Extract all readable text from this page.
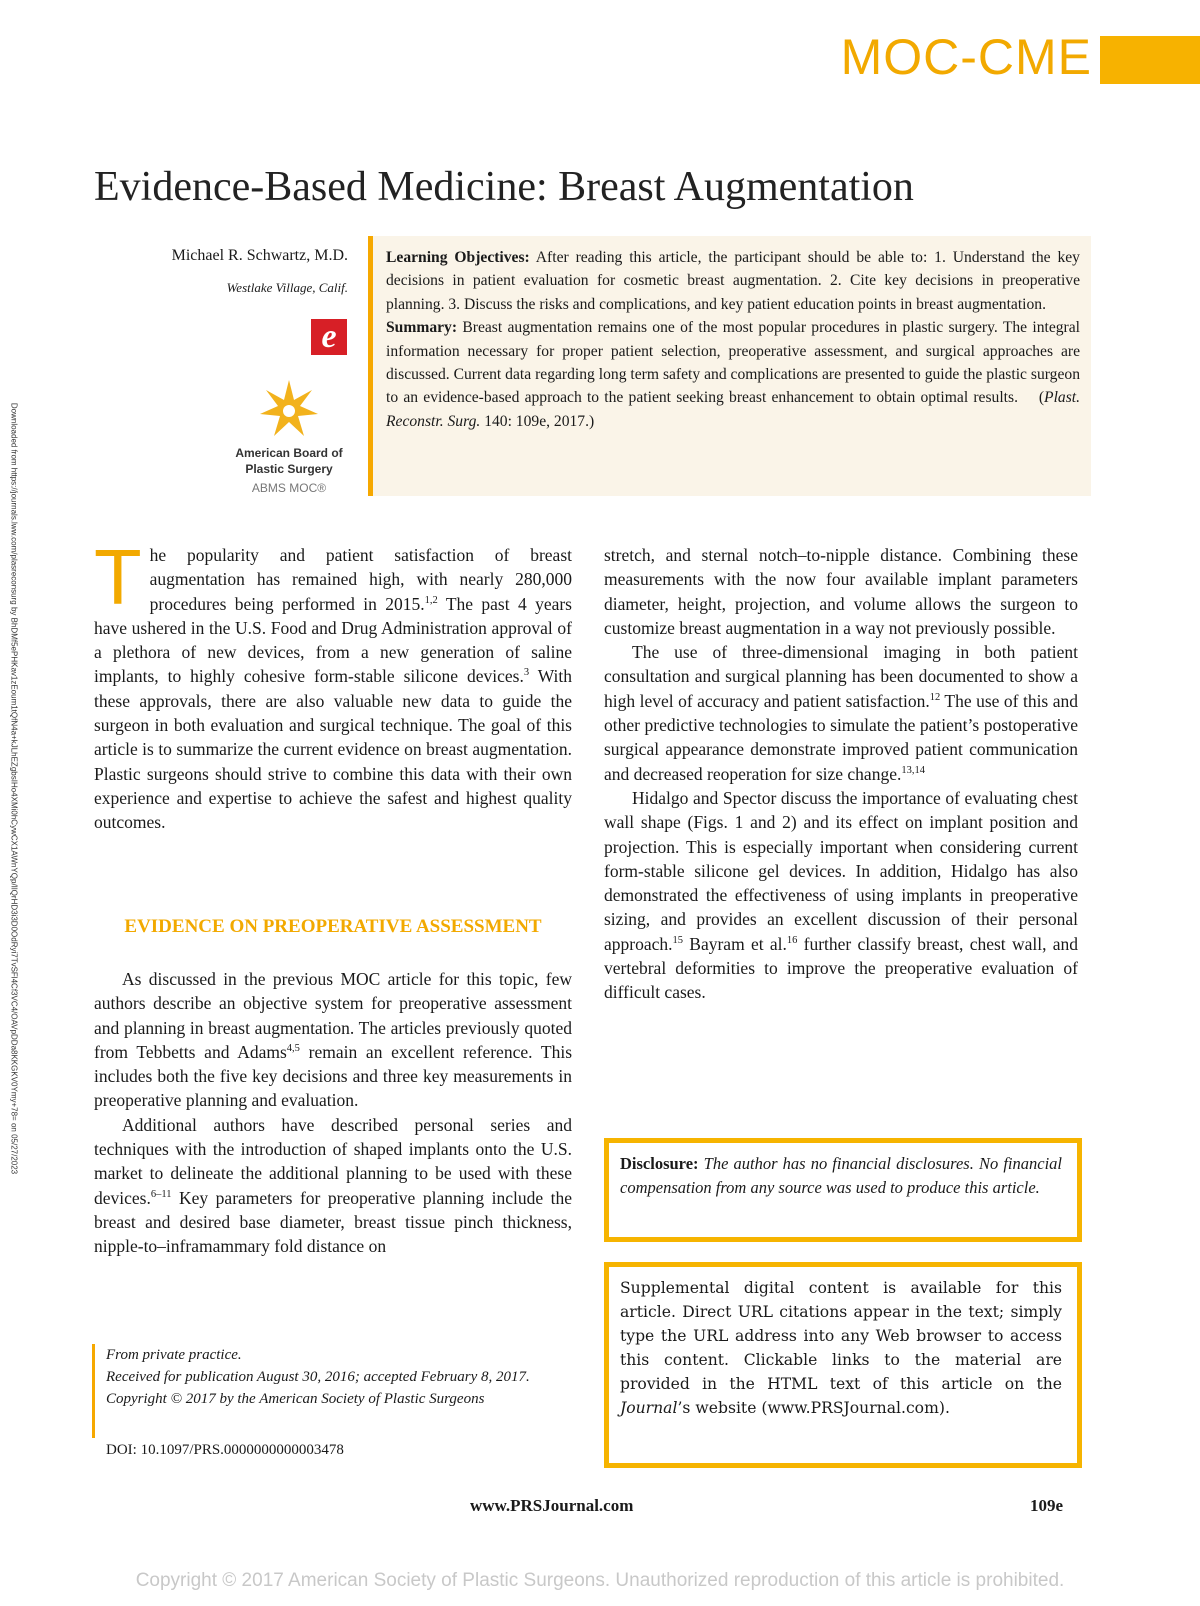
MOC-CME
Evidence-Based Medicine: Breast Augmentation
Michael R. Schwartz, M.D.
Westlake Village, Calif.
e
American Board of
Plastic Surgery
ABMS MOC®
Downloaded from https://journals.lww.com/plasreconsurg by BhDMf5ePHKav1zEoum1tQfN4a+kJLhEZgbsIHo4XMi0hCywCX1AWnYQp/IlQrHD3i3D0OdRyi7TvSFl4Cf3VC4/OAVpDDa8KKGKV0Ymy+78= on 05/27/2023
Learning Objectives: After reading this article, the participant should be able to: 1. Understand the key decisions in patient evaluation for cosmetic breast augmentation. 2. Cite key decisions in preoperative planning. 3. Discuss the risks and complications, and key patient education points in breast augmentation.
Summary: Breast augmentation remains one of the most popular procedures in plastic surgery. The integral information necessary for proper patient selection, preoperative assessment, and surgical approaches are discussed. Current data regarding long term safety and complications are presented to guide the plastic surgeon to an evidence-based approach to the patient seeking breast enhancement to obtain optimal results. (Plast. Reconstr. Surg. 140: 109e, 2017.)

The popularity and patient satisfaction of breast augmentation has remained high, with nearly 280,000 procedures being performed in 2015.$^{1,2}$ The past 4 years have ushered in the U.S. Food and Drug Administration approval of a plethora of new devices, from a new generation of saline implants, to highly cohesive form-stable silicone devices.$^3$ With these approvals, there are also valuable new data to guide the surgeon in both evaluation and surgical technique. The goal of this article is to summarize the current evidence on breast augmentation. Plastic surgeons should strive to combine this data with their own experience and expertise to achieve the safest and highest quality outcomes.

EVIDENCE ON PREOPERATIVE ASSESSMENT

As discussed in the previous MOC article for this topic, few authors describe an objective system for preoperative assessment and planning in breast augmentation. The articles previously quoted from Tebbetts and Adams$^{4,5}$ remain an excellent reference. This includes both the five key decisions and three key measurements in preoperative planning and evaluation.

Additional authors have described personal series and techniques with the introduction of shaped implants onto the U.S. market to delineate the additional planning to be used with these devices.$^{6-11}$ Key parameters for preoperative planning include the breast and desired base diameter, breast tissue pinch thickness, nipple-to–inframammary fold distance on

stretch, and sternal notch–to-nipple distance. Combining these measurements with the now four available implant parameters diameter, height, projection, and volume allows the surgeon to customize breast augmentation in a way not previously possible.

The use of three-dimensional imaging in both patient consultation and surgical planning has been documented to show a high level of accuracy and patient satisfaction.$^{12}$ The use of this and other predictive technologies to simulate the patient’s postoperative surgical appearance demonstrate improved patient communication and decreased reoperation for size change.$^{13,14}$

Hidalgo and Spector discuss the importance of evaluating chest wall shape (Figs. 1 and 2) and its effect on implant position and projection. This is especially important when considering current form-stable silicone gel devices. In addition, Hidalgo has also demonstrated the effectiveness of using implants in preoperative sizing, and provides an excellent discussion of their personal approach.$^{15}$ Bayram et al.$^{16}$ further classify breast, chest wall, and vertebral deformities to improve the preoperative evaluation of difficult cases.

Disclosure: The author has no financial disclosures. No financial compensation from any source was used to produce this article.
Supplemental digital content is available for this article. Direct URL citations appear in the text; simply type the URL address into any Web browser to access this content. Clickable links to the material are provided in the HTML text of this article on the Journal’s website (www.PRSJournal.com).
From private practice.
Received for publication August 30, 2016; accepted February 8, 2017.
Copyright © 2017 by the American Society of Plastic Surgeons
DOI: 10.1097/PRS.0000000000003478
www.PRSJournal.com	109e
Copyright © 2017 American Society of Plastic Surgeons. Unauthorized reproduction of this article is prohibited.
